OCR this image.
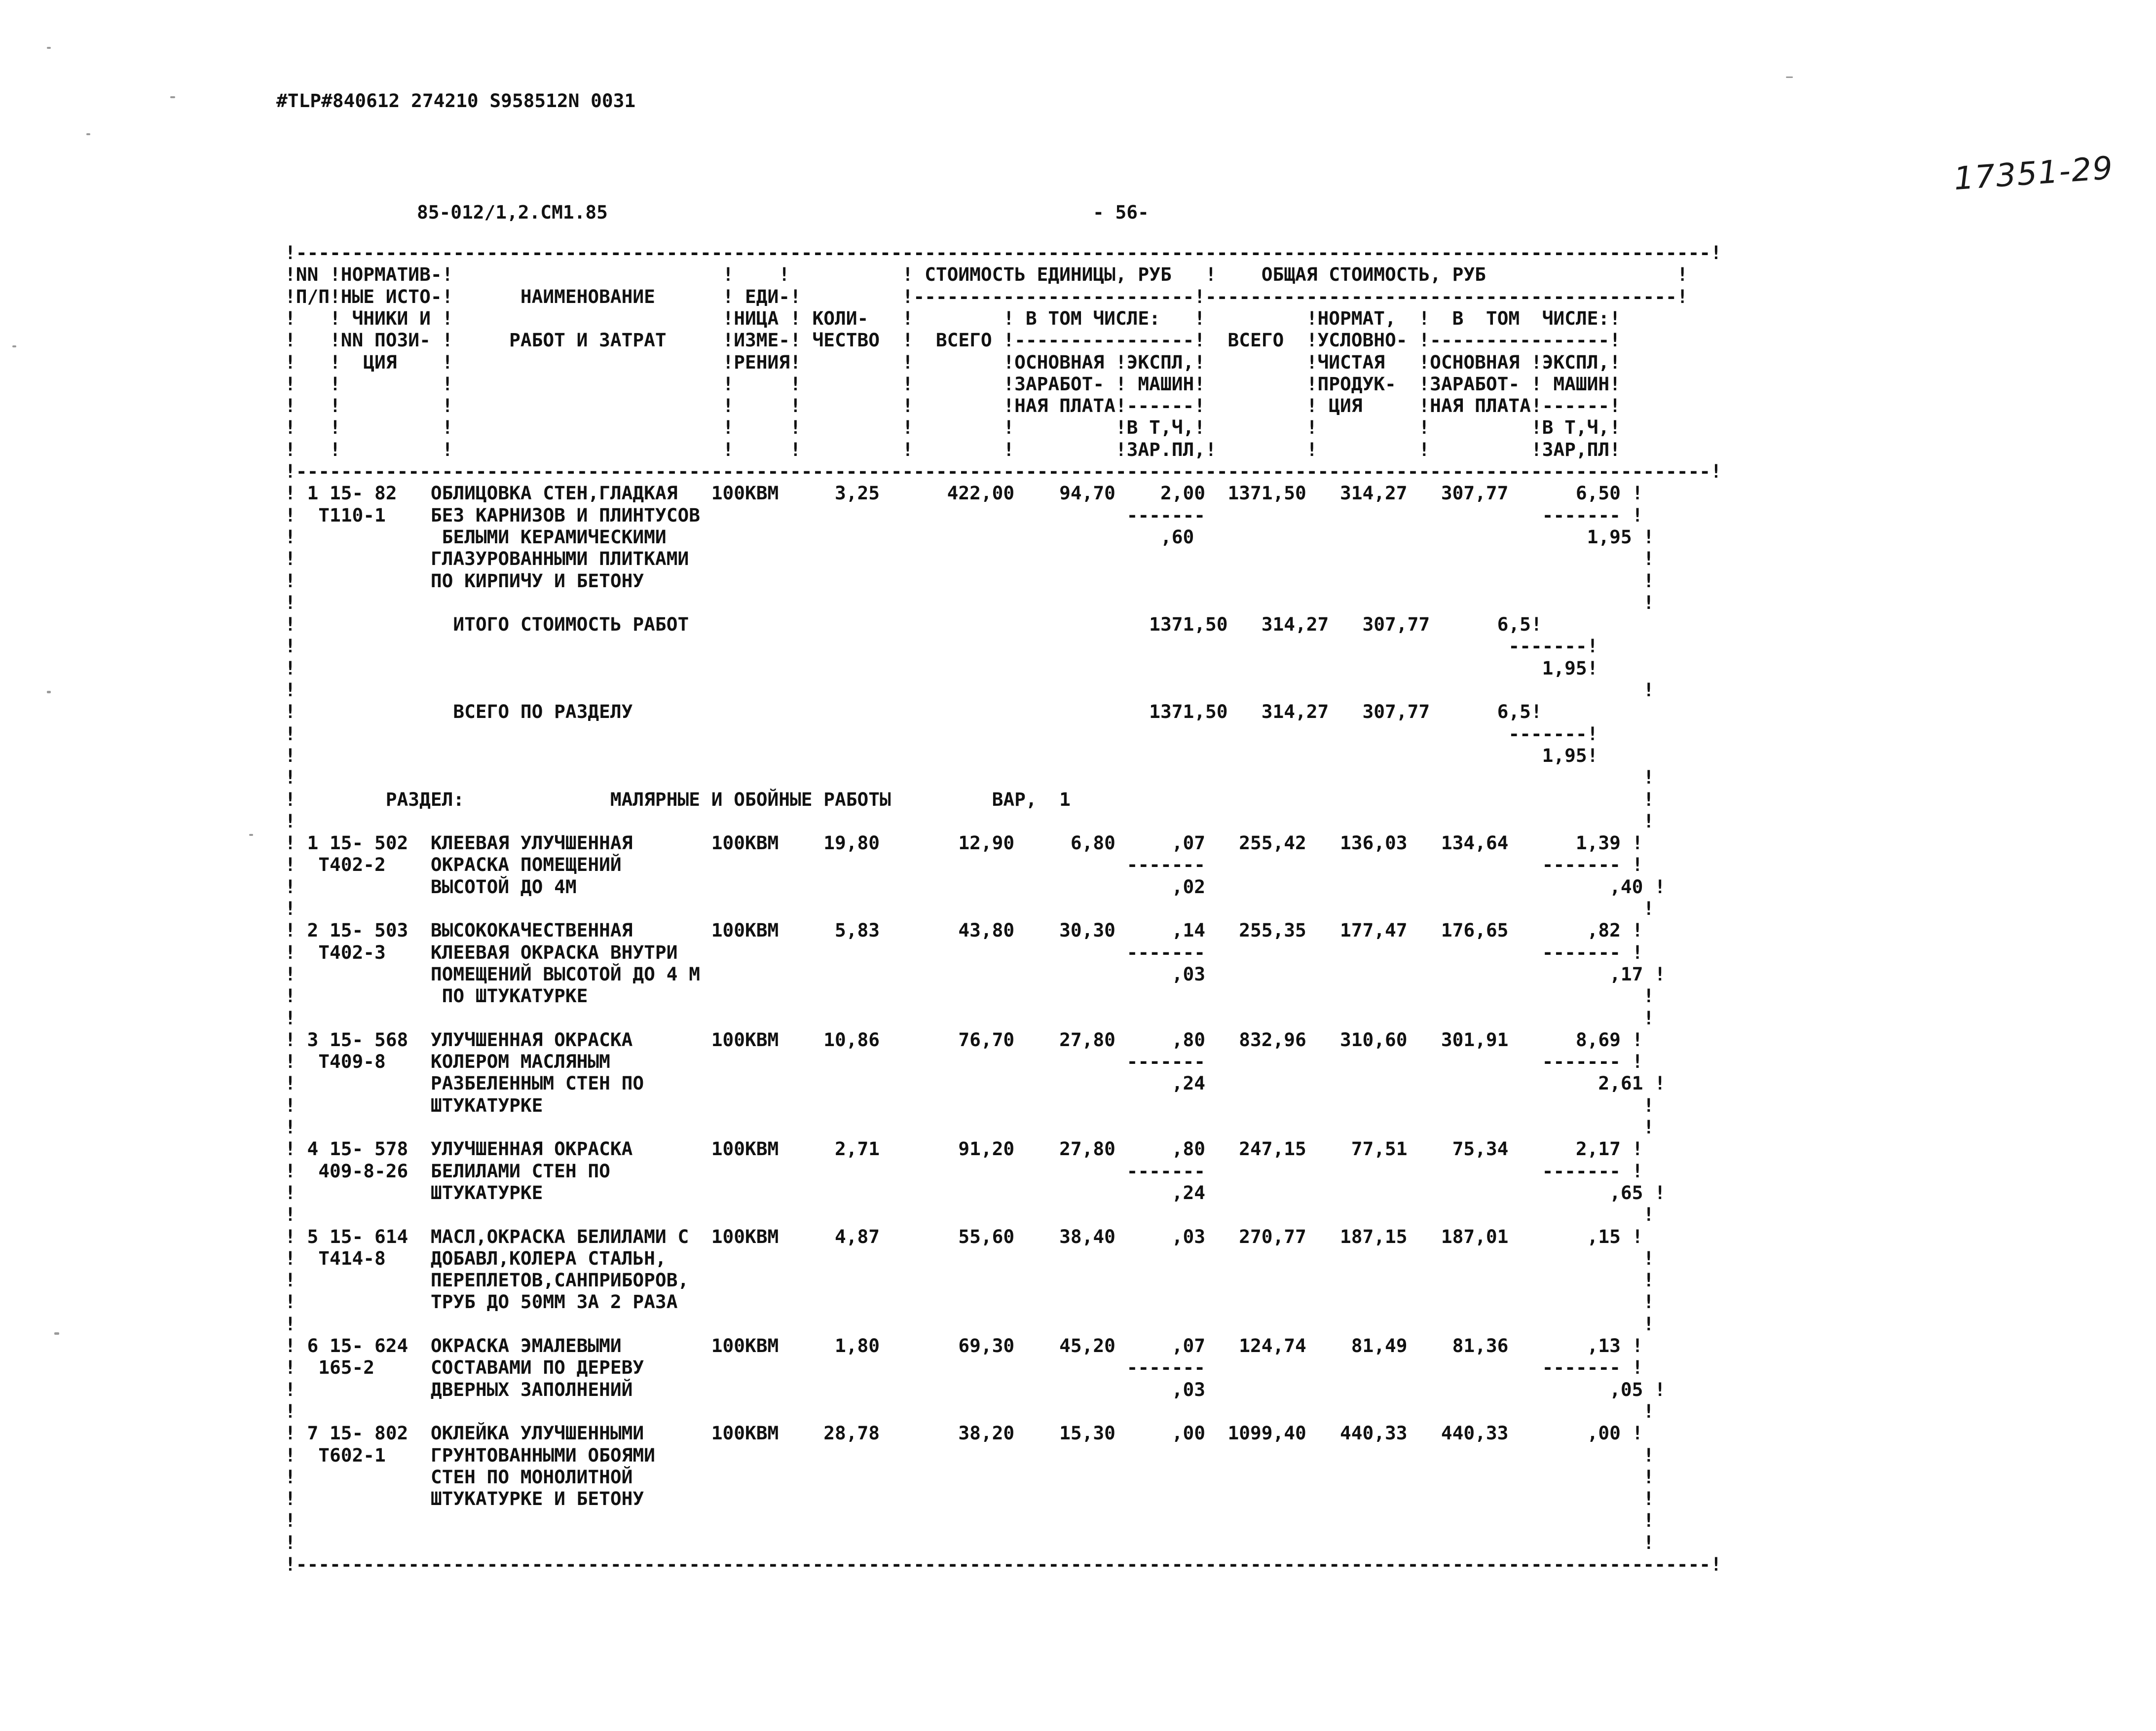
#TLP#840612 274210 S958512N 0031
85-012/1,2.CM1.85	- 56-
17351-29
!------------------------------------------------------------------------------------------------------------------------------!
!NN !НОРМАТИВ-!                        !    !          ! СТОИМОСТЬ ЕДИНИЦЫ, РУБ   !    ОБЩАЯ СТОИМОСТЬ, РУБ                 !
!П/П!НЫЕ ИСТО-!      НАИМЕНОВАНИЕ      ! ЕДИ-!         !-------------------------!------------------------------------------!
!   ! ЧНИКИ И !                        !НИЦА ! КОЛИ-   !        ! В ТОМ ЧИСЛЕ:   !         !НОРМАТ,  !  В  ТОМ  ЧИСЛЕ:!
!   !NN ПОЗИ- !     РАБОТ И ЗАТРАТ     !ИЗМЕ-! ЧЕСТВО  !  ВСЕГО !----------------!  ВСЕГО  !УСЛОВНО- !----------------!
!   !  ЦИЯ    !                        !РЕНИЯ!         !        !ОСНОВНАЯ !ЭКСПЛ,!         !ЧИСТАЯ   !ОСНОВНАЯ !ЭКСПЛ,!
!   !         !                        !     !         !        !ЗАРАБОТ- ! МАШИН!         !ПРОДУК-  !ЗАРАБОТ- ! МАШИН!
!   !         !                        !     !         !        !НАЯ ПЛАТА!------!         ! ЦИЯ     !НАЯ ПЛАТА!------!
!   !         !                        !     !         !        !         !В Т,Ч,!         !         !         !В Т,Ч,!
!   !         !                        !     !         !        !         !ЗАР.ПЛ,!        !         !         !ЗАР,ПЛ!
!------------------------------------------------------------------------------------------------------------------------------!
! 1 15- 82   ОБЛИЦОВКА СТЕН,ГЛАДКАЯ   100КВМ     3,25      422,00    94,70    2,00  1371,50   314,27   307,77      6,50 !
!  Т110-1    БЕЗ КАРНИЗОВ И ПЛИНТУСОВ                                      -------                              ------- !
!             БЕЛЫМИ КЕРАМИЧЕСКИМИ                                            ,60                                   1,95 !
!            ГЛАЗУРОВАННЫМИ ПЛИТКАМИ                                                                                     !
!            ПО КИРПИЧУ И БЕТОНУ                                                                                         !
!                                                                                                                        !
!              ИТОГО СТОИМОСТЬ РАБОТ                                         1371,50   314,27   307,77      6,5!
!                                                                                                            -------!
!                                                                                                               1,95!
!                                                                                                                        !
!              ВСЕГО ПО РАЗДЕЛУ                                              1371,50   314,27   307,77      6,5!
!                                                                                                            -------!
!                                                                                                               1,95!
!                                                                                                                        !
!        РАЗДЕЛ:             МАЛЯРНЫЕ И ОБОЙНЫЕ РАБОТЫ         ВАР,  1                                                   !
!                                                                                                                        !
! 1 15- 502  КЛЕЕВАЯ УЛУЧШЕННАЯ       100КВМ    19,80       12,90     6,80     ,07   255,42   136,03   134,64      1,39 !
!  Т402-2    ОКРАСКА ПОМЕЩЕНИЙ                                             -------                              ------- !
!            ВЫСОТОЙ ДО 4М                                                     ,02                                    ,40 !
!                                                                                                                        !
! 2 15- 503  ВЫСОКОКАЧЕСТВЕННАЯ       100КВМ     5,83       43,80    30,30     ,14   255,35   177,47   176,65       ,82 !
!  Т402-3    КЛЕЕВАЯ ОКРАСКА ВНУТРИ                                        -------                              ------- !
!            ПОМЕЩЕНИЙ ВЫСОТОЙ ДО 4 М                                          ,03                                    ,17 !
!             ПО ШТУКАТУРКЕ                                                                                              !
!                                                                                                                        !
! 3 15- 568  УЛУЧШЕННАЯ ОКРАСКА       100КВМ    10,86       76,70    27,80     ,80   832,96   310,60   301,91      8,69 !
!  Т409-8    КОЛЕРОМ МАСЛЯНЫМ                                              -------                              ------- !
!            РАЗБЕЛЕННЫМ СТЕН ПО                                               ,24                                   2,61 !
!            ШТУКАТУРКЕ                                                                                                  !
!                                                                                                                        !
! 4 15- 578  УЛУЧШЕННАЯ ОКРАСКА       100КВМ     2,71       91,20    27,80     ,80   247,15    77,51    75,34      2,17 !
!  409-8-26  БЕЛИЛАМИ СТЕН ПО                                              -------                              ------- !
!            ШТУКАТУРКЕ                                                        ,24                                    ,65 !
!                                                                                                                        !
! 5 15- 614  МАСЛ,ОКРАСКА БЕЛИЛАМИ С  100КВМ     4,87       55,60    38,40     ,03   270,77   187,15   187,01       ,15 !
!  Т414-8    ДОБАВЛ,КОЛЕРА СТАЛЬН,                                                                                       !
!            ПЕРЕПЛЕТОВ,САНПРИБОРОВ,                                                                                     !
!            ТРУБ ДО 50ММ ЗА 2 РАЗА                                                                                      !
!                                                                                                                        !
! 6 15- 624  ОКРАСКА ЭМАЛЕВЫМИ        100КВМ     1,80       69,30    45,20     ,07   124,74    81,49    81,36       ,13 !
!  165-2     СОСТАВАМИ ПО ДЕРЕВУ                                           -------                              ------- !
!            ДВЕРНЫХ ЗАПОЛНЕНИЙ                                                ,03                                    ,05 !
!                                                                                                                        !
! 7 15- 802  ОКЛЕЙКА УЛУЧШЕННЫМИ      100КВМ    28,78       38,20    15,30     ,00  1099,40   440,33   440,33       ,00 !
!  Т602-1    ГРУНТОВАННЫМИ ОБОЯМИ                                                                                        !
!            СТЕН ПО МОНОЛИТНОЙ                                                                                          !
!            ШТУКАТУРКЕ И БЕТОНУ                                                                                         !
!                                                                                                                        !
!                                                                                                                        !
!------------------------------------------------------------------------------------------------------------------------------!
